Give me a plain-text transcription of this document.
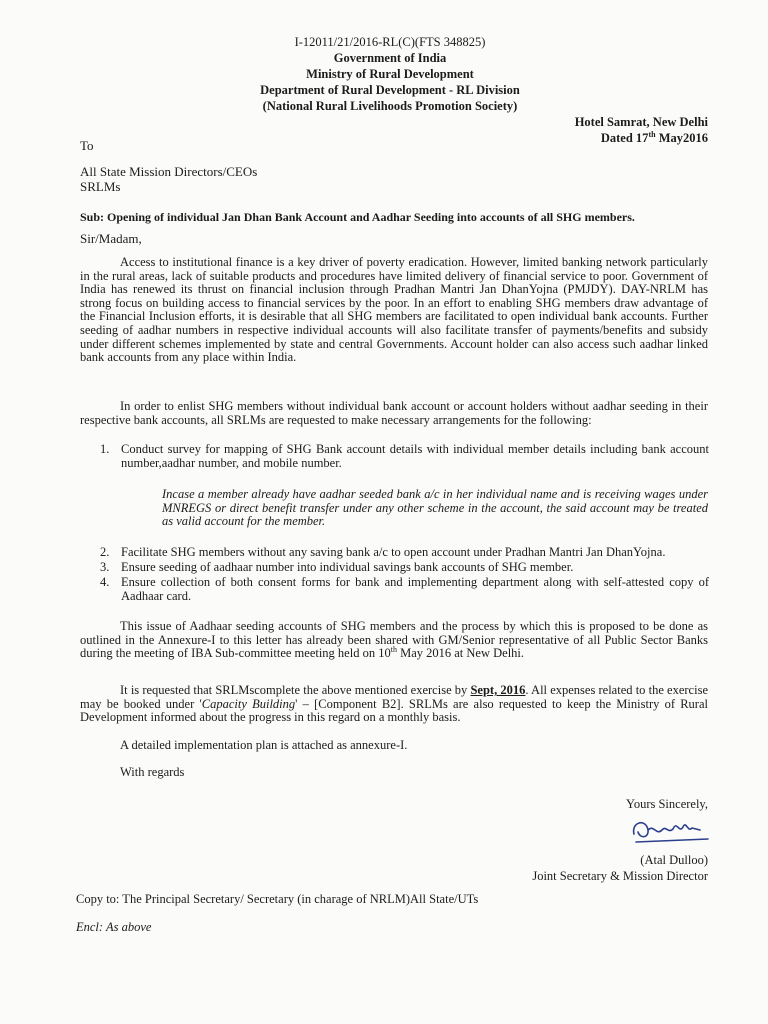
I-12011/21/2016-RL(C)(FTS 348825)
Government of India
Ministry of Rural Development
Department of Rural Development - RL Division
(National Rural Livelihoods Promotion Society)
Hotel Samrat, New Delhi
Dated 17th May2016
To
All State Mission Directors/CEOs
SRLMs
Sub: Opening of individual Jan Dhan Bank Account and Aadhar Seeding into accounts of all SHG members.
Sir/Madam,
Access to institutional finance is a key driver of poverty eradication. However, limited banking network particularly in the rural areas, lack of suitable products and procedures have limited delivery of financial service to poor. Government of India has renewed its thrust on financial inclusion through Pradhan Mantri Jan DhanYojna (PMJDY). DAY-NRLM has strong focus on building access to financial services by the poor. In an effort to enabling SHG members draw advantage of the Financial Inclusion efforts, it is desirable that all SHG members are facilitated to open individual bank accounts. Further seeding of aadhar numbers in respective individual accounts will also facilitate transfer of payments/benefits and subsidy under different schemes implemented by state and central Governments. Account holder can also access such aadhar linked bank accounts from any place within India.
In order to enlist SHG members without individual bank account or account holders without aadhar seeding in their respective bank accounts, all SRLMs are requested to make necessary arrangements for the following:
1. Conduct survey for mapping of SHG Bank account details with individual member details including bank account number,aadhar number, and mobile number.
Incase a member already have aadhar seeded bank a/c in her individual name and is receiving wages under MNREGS or direct benefit transfer under any other scheme in the account, the said account may be treated as valid account for the member.
2. Facilitate SHG members without any saving bank a/c to open account under Pradhan Mantri Jan DhanYojna.
3. Ensure seeding of aadhaar number into individual savings bank accounts of SHG member.
4. Ensure collection of both consent forms for bank and implementing department along with self-attested copy of Aadhaar card.
This issue of Aadhaar seeding accounts of SHG members and the process by which this is proposed to be done as outlined in the Annexure-I to this letter has already been shared with GM/Senior representative of all Public Sector Banks during the meeting of IBA Sub-committee meeting held on 10th May 2016 at New Delhi.
It is requested that SRLMscomplete the above mentioned exercise by Sept, 2016. All expenses related to the exercise may be booked under 'Capacity Building' – [Component B2]. SRLMs are also requested to keep the Ministry of Rural Development informed about the progress in this regard on a monthly basis.
A detailed implementation plan is attached as annexure-I.
With regards
Yours Sincerely,
(Atal Dulloo)
Joint Secretary & Mission Director
Copy to: The Principal Secretary/ Secretary (in charage of NRLM)All State/UTs
Encl: As above
